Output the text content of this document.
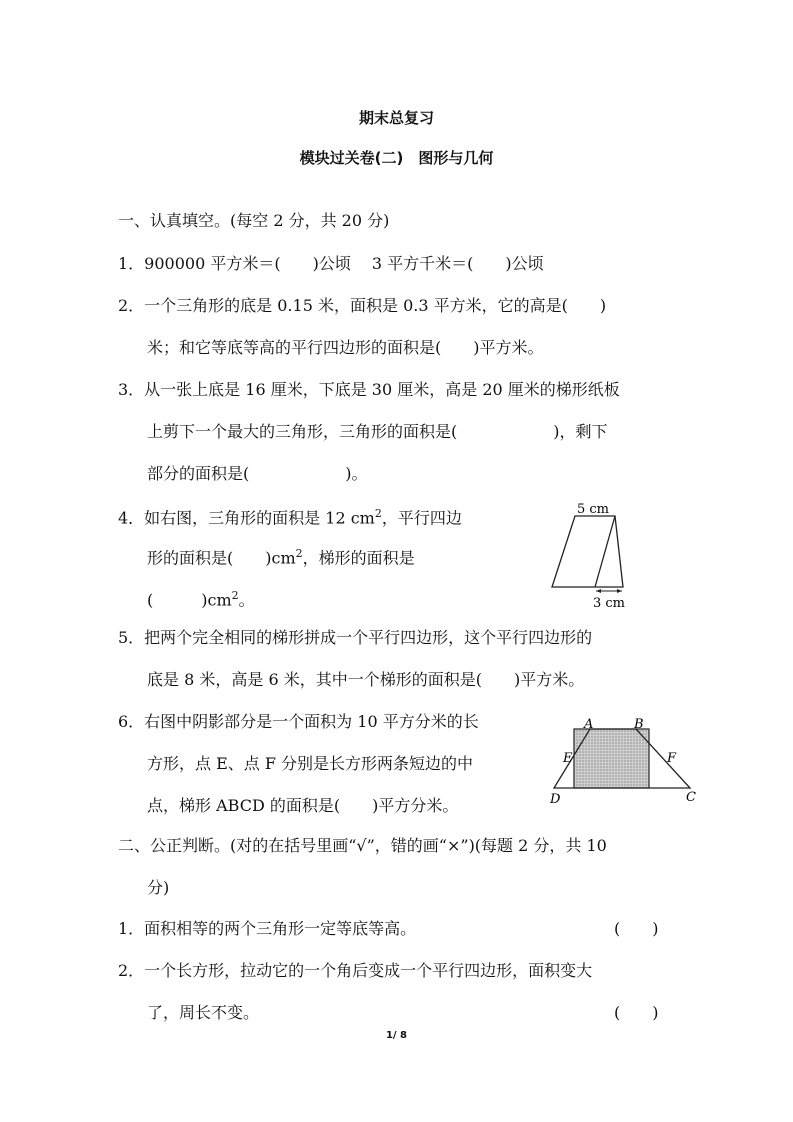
期末总复习
模块过关卷(二)　图形与几何
一、认真填空。(每空 2 分，共 20 分)
1．900000 平方米＝(　　)公顷　 3 平方千米＝(　　)公顷
2．一个三角形的底是 0.15 米，面积是 0.3 平方米，它的高是(　　)
米；和它等底等高的平行四边形的面积是(　　)平方米。
3．从一张上底是 16 厘米，下底是 30 厘米，高是 20 厘米的梯形纸板
上剪下一个最大的三角形，三角形的面积是(　　　　　　)，剩下
部分的面积是(　　　　　　)。
4．如右图，三角形的面积是 12 $cm^2$，平行四边
形的面积是(　　)$cm^2$，梯形的面积是
(　　　)$cm^2$。
5 cm
3 cm
5．把两个完全相同的梯形拼成一个平行四边形，这个平行四边形的
底是 8 米，高是 6 米，其中一个梯形的面积是(　　)平方米。
6．右图中阴影部分是一个面积为 10 平方分米的长
方形，点 E、点 F 分别是长方形两条短边的中
点，梯形 ABCD 的面积是(　　)平方分米。
A	B
C
D
E	F
二、公正判断。(对的在括号里画“√”，错的画“×”)(每题 2 分，共 10
分)
1．面积相等的两个三角形一定等底等高。	(　　)
2．一个长方形，拉动它的一个角后变成一个平行四边形，面积变大
了，周长不变。	(　　)
1/ 8
